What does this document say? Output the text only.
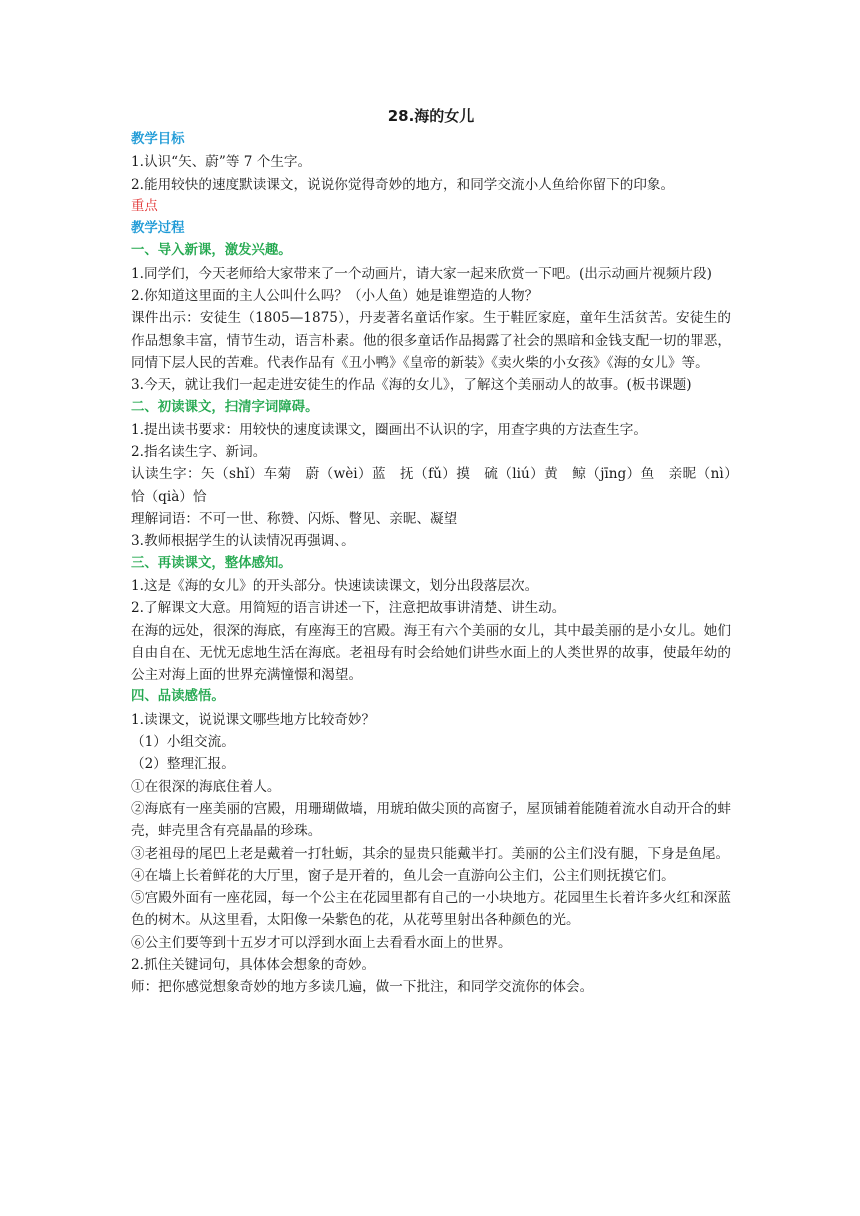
28.海的女儿
教学目标
1.认识“矢、蔚”等 7 个生字。
2.能用较快的速度默读课文，说说你觉得奇妙的地方，和同学交流小人鱼给你留下的印象。
重点
教学过程
一、导入新课，激发兴趣。

1.同学们，今天老师给大家带来了一个动画片，请大家一起来欣赏一下吧。(出示动画片视频片段)

2.你知道这里面的主人公叫什么吗？（小人鱼）她是谁塑造的人物？

课件出示：安徒生（1805—1875），丹麦著名童话作家。生于鞋匠家庭，童年生活贫苦。安徒生的作品想象丰富，情节生动，语言朴素。他的很多童话作品揭露了社会的黑暗和金钱支配一切的罪恶，同情下层人民的苦难。代表作品有《丑小鸭》《皇帝的新装》《卖火柴的小女孩》《海的女儿》等。

3.今天，就让我们一起走进安徒生的作品《海的女儿》，了解这个美丽动人的故事。(板书课题)

二、初读课文，扫清字词障碍。
1.提出读书要求：用较快的速度读课文，圈画出不认识的字，用查字典的方法查生字。
2.指名读生字、新词。

认读生字：矢（shǐ）车菊　蔚（wèi）蓝　抚（fǔ）摸　硫（liú）黄　鲸（jīng）鱼　亲昵（nì）　恰（qià）恰

理解词语：不可一世、称赞、闪烁、瞥见、亲昵、凝望
3.教师根据学生的认读情况再强调、。
三、再读课文，整体感知。
1.这是《海的女儿》的开头部分。快速读读课文，划分出段落层次。
2.了解课文大意。用简短的语言讲述一下，注意把故事讲清楚、讲生动。

在海的远处，很深的海底，有座海王的宫殿。海王有六个美丽的女儿，其中最美丽的是小女儿。她们自由自在、无忧无虑地生活在海底。老祖母有时会给她们讲些水面上的人类世界的故事，使最年幼的公主对海上面的世界充满憧憬和渴望。

四、品读感悟。
1.读课文，说说课文哪些地方比较奇妙？
（1）小组交流。
（2）整理汇报。
①在很深的海底住着人。

②海底有一座美丽的宫殿，用珊瑚做墙，用琥珀做尖顶的高窗子，屋顶铺着能随着流水自动开合的蚌壳，蚌壳里含有亮晶晶的珍珠。

③老祖母的尾巴上老是戴着一打牡蛎，其余的显贵只能戴半打。美丽的公主们没有腿，下身是鱼尾。

④在墙上长着鲜花的大厅里，窗子是开着的，鱼儿会一直游向公主们，公主们则抚摸它们。

⑤宫殿外面有一座花园，每一个公主在花园里都有自己的一小块地方。花园里生长着许多火红和深蓝色的树木。从这里看，太阳像一朵紫色的花，从花萼里射出各种颜色的光。

⑥公主们要等到十五岁才可以浮到水面上去看看水面上的世界。
2.抓住关键词句，具体体会想象的奇妙。
师：把你感觉想象奇妙的地方多读几遍，做一下批注，和同学交流你的体会。
